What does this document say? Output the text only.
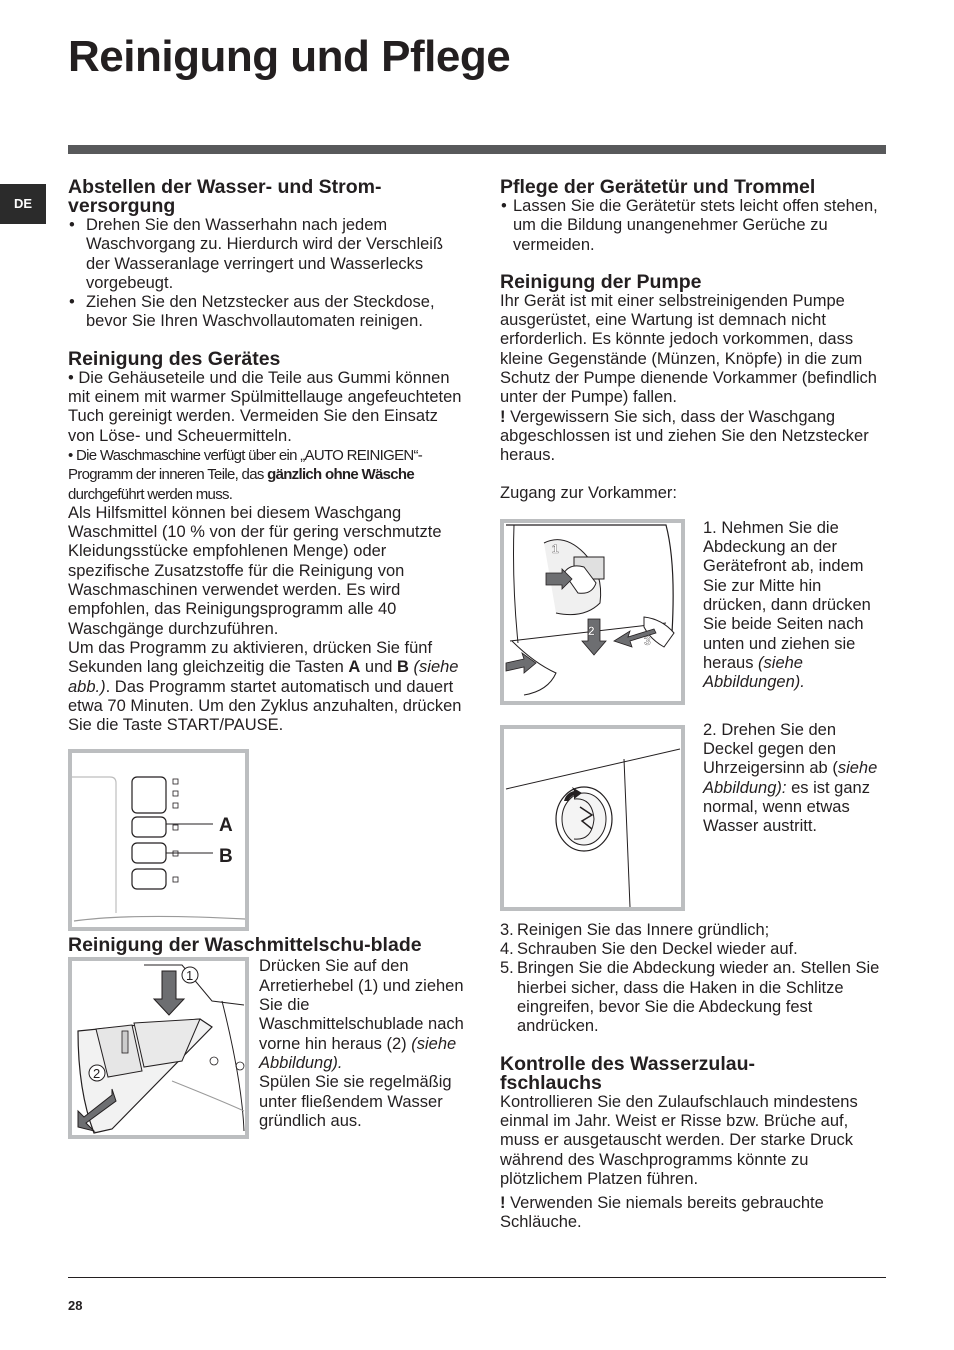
Reinigung und Pflege
DE
Abstellen der Wasser- und Strom-versorgung
• Drehen Sie den Wasserhahn nach jedem Waschvorgang zu. Hierdurch wird der Verschleiß der Wasseranlage verringert und Wasserlecks vorgebeugt.
• Ziehen Sie den Netzstecker aus der Steckdose, bevor Sie Ihren Waschvollautomaten reinigen.
Reinigung des Gerätes

• Die Gehäuseteile und die Teile aus Gummi können mit einem mit warmer Spülmittellauge angefeuchteten Tuch gereinigt werden. Vermeiden Sie den Einsatz von Löse- und Scheuermitteln.

• Die Waschmaschine verfügt über ein „AUTO REINIGEN“-Programm der inneren Teile, das gänzlich ohne Wäsche durchgeführt werden muss.

Als Hilfsmittel können bei diesem Waschgang Waschmittel (10 % von der für gering verschmutzte Kleidungsstücke empfohlenen Menge) oder spezifische Zusatzstoffe für die Reinigung von Waschmaschinen verwendet werden. Es wird empfohlen, das Reinigungsprogramm alle 40 Waschgänge durchzuführen.

Um das Programm zu aktivieren, drücken Sie fünf Sekunden lang gleichzeitig die Tasten A und B (siehe abb.). Das Programm startet automatisch und dauert etwa 70 Minuten. Um den Zyklus anzuhalten, drücken Sie die Taste START/PAUSE.

A
B
Reinigung der Waschmittelschu-blade
1
2

Drücken Sie auf den Arretierhebel (1) und ziehen Sie die Waschmittelschublade nach vorne hin heraus (2) (siehe Abbildung).

Spülen Sie sie regelmäßig unter fließendem Wasser gründlich aus.

Pflege der Gerätetür und Trommel
• Lassen Sie die Gerätetür stets leicht offen stehen, um die Bildung unangenehmer Gerüche zu vermeiden.
Reinigung der Pumpe

Ihr Gerät ist mit einer selbstreinigenden Pumpe ausgerüstet, eine Wartung ist demnach nicht erforderlich. Es könnte jedoch vorkommen, dass kleine Gegenstände (Münzen, Knöpfe) in die zum Schutz der Pumpe dienende Vorkammer (befindlich unter der Pumpe) fallen.

! Vergewissern Sie sich, dass der Waschgang abgeschlossen ist und ziehen Sie den Netzstecker heraus.

Zugang zur Vorkammer:

1
2
3

1. Nehmen Sie die Abdeckung an der Gerätefront ab, indem Sie zur Mitte hin drücken, dann drücken Sie beide Seiten nach unten und ziehen sie heraus (siehe Abbildungen).

2. Drehen Sie den Deckel gegen den Uhrzeigersinn ab (siehe Abbildung): es ist ganz normal, wenn etwas Wasser austritt.

3. Reinigen Sie das Innere gründlich;
4. Schrauben Sie den Deckel wieder auf.
5. Bringen Sie die Abdeckung wieder an. Stellen Sie hierbei sicher, dass die Haken in die Schlitze eingreifen, bevor Sie die Abdeckung fest andrücken.
Kontrolle des Wasserzulau-fschlauchs

Kontrollieren Sie den Zulaufschlauch mindestens einmal im Jahr. Weist er Risse bzw. Brüche auf, muss er ausgetauscht werden. Der starke Druck während des Waschprogramms könnte zu plötzlichem Platzen führen.

! Verwenden Sie niemals bereits gebrauchte Schläuche.

28
